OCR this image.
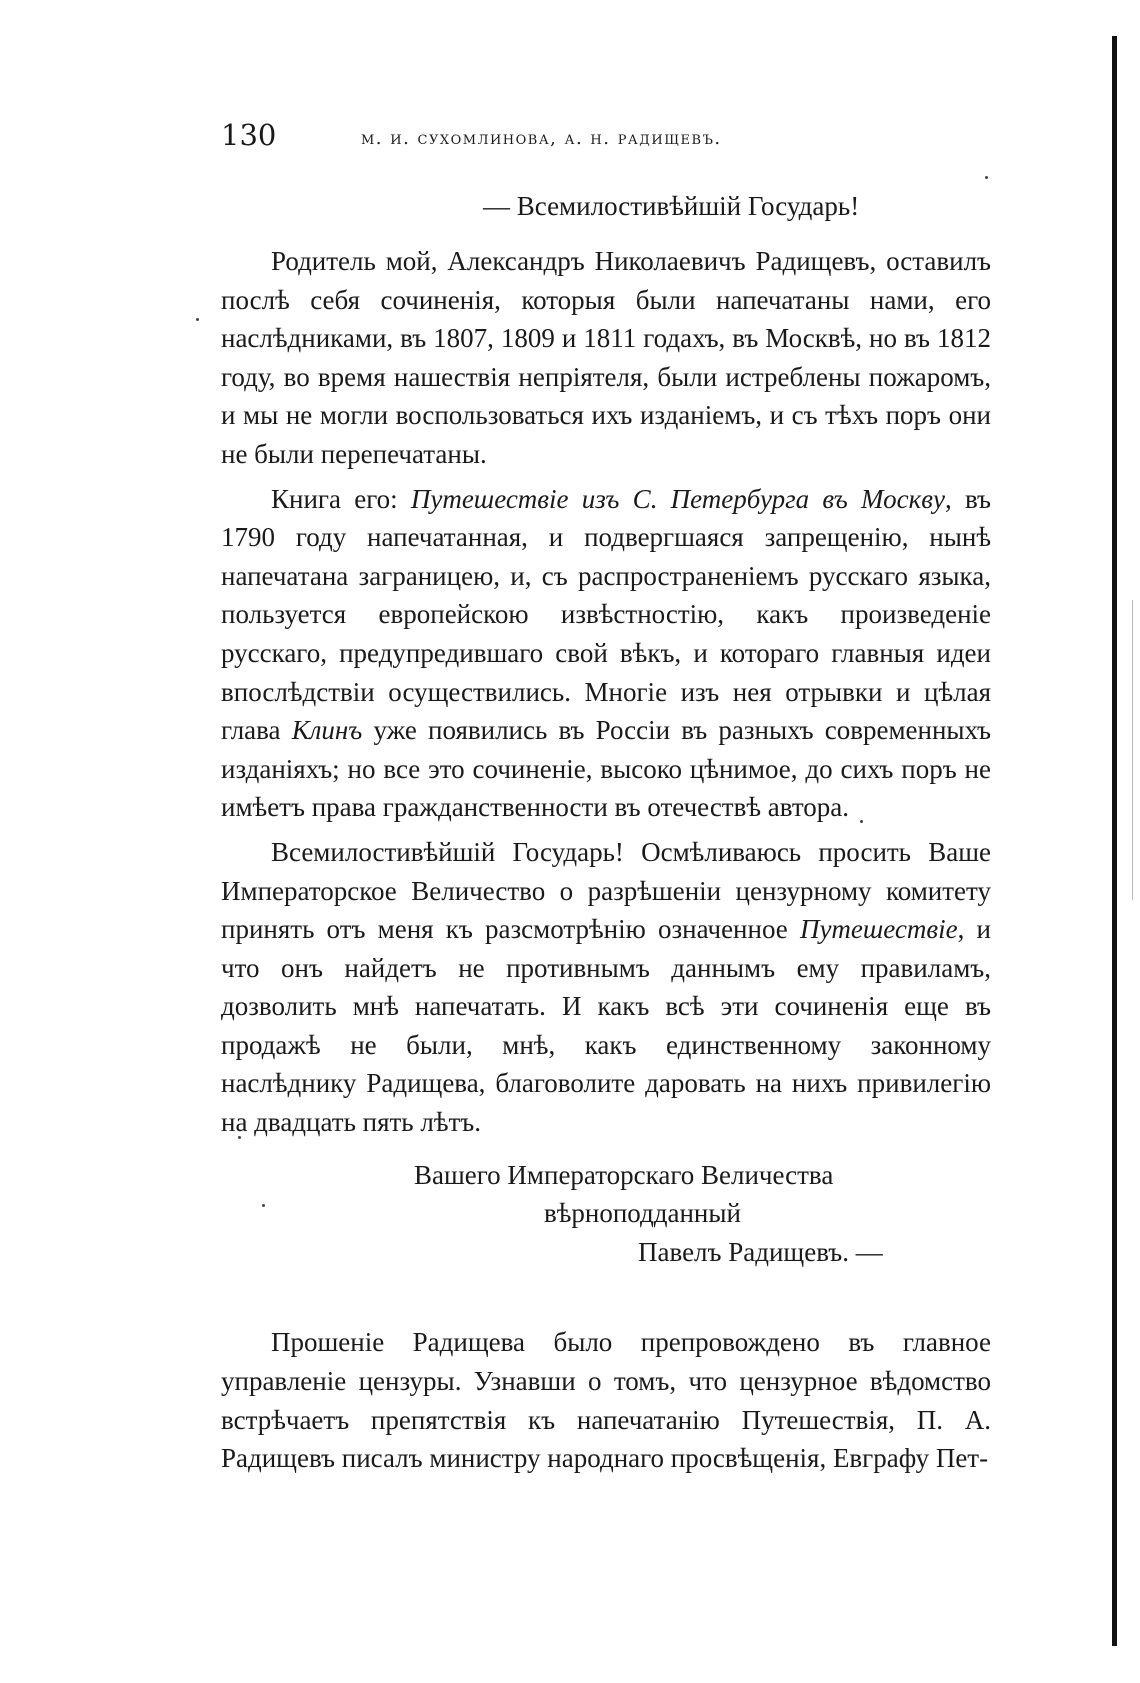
130	м. и. сухомлинова, а. н. радищевъ.
— Всемилостивѣйшій Государь!

Родитель мой, Александръ Николаевичъ Радищевъ, оставилъ послѣ себя сочиненія, которыя были напечатаны нами, его наслѣдниками, въ 1807, 1809 и 1811 годахъ, въ Москвѣ, но въ 1812 году, во время нашествія непріятеля, были истреблены пожаромъ, и мы не могли воспользоваться ихъ изданіемъ, и съ тѣхъ поръ они не были перепечатаны.

Книга его: Путешествіе изъ С. Петербурга въ Москву, въ 1790 году напечатанная, и подвергшаяся запрещенію, нынѣ напечатана заграницею, и, съ распространеніемъ русскаго языка, пользуется европейскою извѣстностію, какъ произведеніе русскаго, предупредившаго свой вѣкъ, и котораго главныя идеи впослѣдствіи осуществились. Многіе изъ нея отрывки и цѣлая глава Клинъ уже появились въ Россіи въ разныхъ современныхъ изданіяхъ; но все это сочиненіе, высоко цѣнимое, до сихъ поръ не имѣетъ права гражданственности въ отечествѣ автора.

Всемилостивѣйшій Государь! Осмѣливаюсь просить Ваше Императорское Величество о разрѣшеніи цензурному комитету принять отъ меня къ разсмотрѣнію означенное Путешествіе, и что онъ найдетъ не противнымъ даннымъ ему правиламъ, дозволить мнѣ напечатать. И какъ всѣ эти сочиненія еще въ продажѣ не были, мнѣ, какъ единственному законному наслѣднику Радищева, благоволите даровать на нихъ привилегію на двадцать пять лѣтъ.

Вашего Императорскаго Величества
вѣрноподданный
Павелъ Радищевъ. —

Прошеніе Радищева было препровождено въ главное управленіе цензуры. Узнавши о томъ, что цензурное вѣдомство встрѣчаетъ препятствія къ напечатанію Путешествія, П. А. Радищевъ писалъ министру народнаго просвѣщенія, Евграфу Пет-
